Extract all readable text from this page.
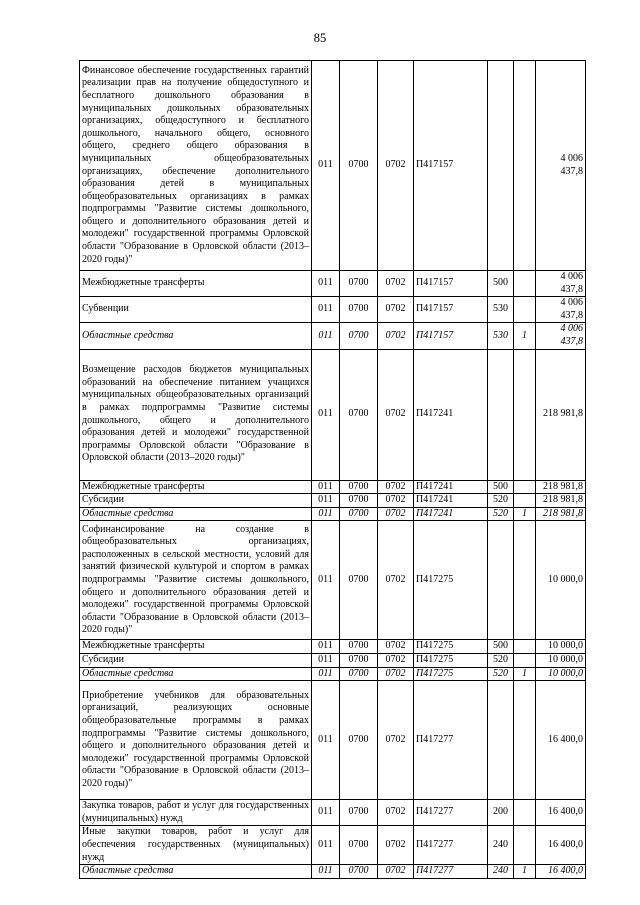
85
Финансовое обеспечение государственных гарантий реализации прав на получение общедоступного и бесплатного дошкольного образования в муниципальных дошкольных образовательных организациях, общедоступного и бесплатного дошкольного, начального общего, основного общего, среднего общего образования в муниципальных общеобразовательных организациях, обеспечение дополнительного образования детей в муниципальных общеобразовательных организациях в рамках подпрограммы "Развитие системы дошкольного, общего и дополнительного образования детей и молодежи" государственной программы Орловской области "Образование в Орловской области (2013–2020 годы)"	011	0700	0702	П417157			4 006 437,8
Межбюджетные трансферты	011	0700	0702	П417157	500		4 006 437,8
Субвенции	011	0700	0702	П417157	530		4 006 437,8
Областные средства	011	0700	0702	П417157	530	1	4 006 437,8
Возмещение расходов бюджетов муниципальных образований на обеспечение питанием учащихся муниципальных общеобразовательных организаций в рамках подпрограммы "Развитие системы дошкольного, общего и дополнительного образования детей и молодежи" государственной программы Орловской области "Образование в Орловской области (2013–2020 годы)"	011	0700	0702	П417241			218 981,8
Межбюджетные трансферты	011	0700	0702	П417241	500		218 981,8
Субсидии	011	0700	0702	П417241	520		218 981,8
Областные средства	011	0700	0702	П417241	520	1	218 981,8
Софинансирование на создание в общеобразовательных организациях, расположенных в сельской местности, условий для занятий физической культурой и спортом в рамках подпрограммы "Развитие системы дошкольного, общего и дополнительного образования детей и молодежи" государственной программы Орловской области "Образование в Орловской области (2013–2020 годы)"	011	0700	0702	П417275			10 000,0
Межбюджетные трансферты	011	0700	0702	П417275	500		10 000,0
Субсидии	011	0700	0702	П417275	520		10 000,0
Областные средства	011	0700	0702	П417275	520	1	10 000,0
Приобретение учебников для образовательных организаций, реализующих основные общеобразовательные программы в рамках подпрограммы "Развитие системы дошкольного, общего и дополнительного образования детей и молодежи" государственной программы Орловской области "Образование в Орловской области (2013–2020 годы)"	011	0700	0702	П417277			16 400,0
Закупка товаров, работ и услуг для государственных (муниципальных) нужд	011	0700	0702	П417277	200		16 400,0
Иные закупки товаров, работ и услуг для обеспечения государственных (муниципальных) нужд	011	0700	0702	П417277	240		16 400,0
Областные средства	011	0700	0702	П417277	240	1	16 400,0
